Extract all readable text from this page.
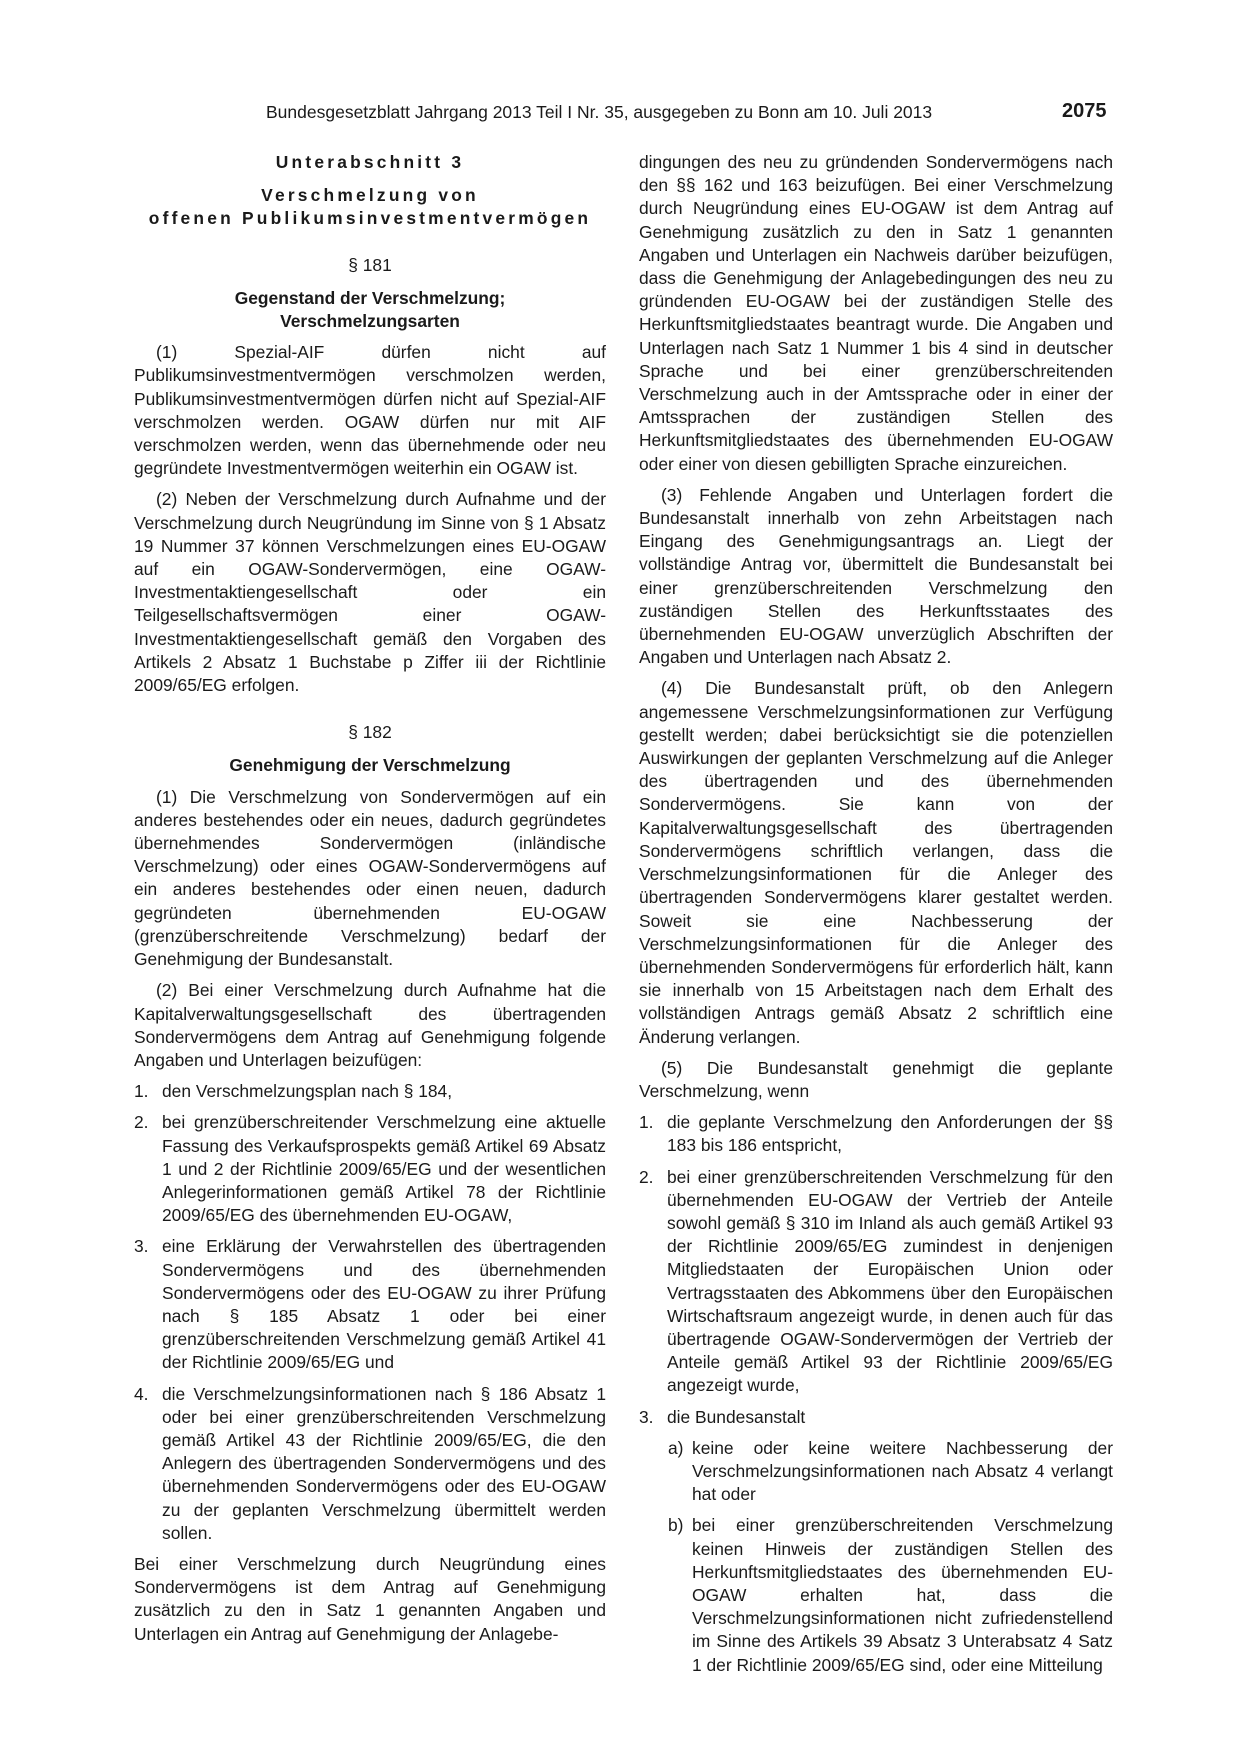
Bundesgesetzblatt Jahrgang 2013 Teil I Nr. 35, ausgegeben zu Bonn am 10. Juli 2013	2075

Unterabschnitt 3

Verschmelzung von

offenen Publikumsinvestmentvermögen

§ 181

Gegenstand der Verschmelzung;

Verschmelzungsarten

(1) Spezial-AIF dürfen nicht auf Publikumsinvestmentvermögen verschmolzen werden, Publikumsinvestmentvermögen dürfen nicht auf Spezial-AIF verschmolzen werden. OGAW dürfen nur mit AIF verschmolzen werden, wenn das übernehmende oder neu gegründete Investmentvermögen weiterhin ein OGAW ist.

(2) Neben der Verschmelzung durch Aufnahme und der Verschmelzung durch Neugründung im Sinne von § 1 Absatz 19 Nummer 37 können Verschmelzungen eines EU-OGAW auf ein OGAW-Sondervermögen, eine OGAW-Investmentaktiengesellschaft oder ein Teilgesellschaftsvermögen einer OGAW-Investmentaktiengesellschaft gemäß den Vorgaben des Artikels 2 Absatz 1 Buchstabe p Ziffer iii der Richtlinie 2009/65/EG erfolgen.

§ 182

Genehmigung der Verschmelzung

(1) Die Verschmelzung von Sondervermögen auf ein anderes bestehendes oder ein neues, dadurch gegründetes übernehmendes Sondervermögen (inländische Verschmelzung) oder eines OGAW-Sondervermögens auf ein anderes bestehendes oder einen neuen, dadurch gegründeten übernehmenden EU-OGAW (grenzüberschreitende Verschmelzung) bedarf der Genehmigung der Bundesanstalt.

(2) Bei einer Verschmelzung durch Aufnahme hat die Kapitalverwaltungsgesellschaft des übertragenden Sondervermögens dem Antrag auf Genehmigung folgende Angaben und Unterlagen beizufügen:

1. den Verschmelzungsplan nach § 184,
2. bei grenzüberschreitender Verschmelzung eine aktuelle Fassung des Verkaufsprospekts gemäß Artikel 69 Absatz 1 und 2 der Richtlinie 2009/65/EG und der wesentlichen Anlegerinformationen gemäß Artikel 78 der Richtlinie 2009/65/EG des übernehmenden EU-OGAW,
3. eine Erklärung der Verwahrstellen des übertragenden Sondervermögens und des übernehmenden Sondervermögens oder des EU-OGAW zu ihrer Prüfung nach § 185 Absatz 1 oder bei einer grenzüberschreitenden Verschmelzung gemäß Artikel 41 der Richtlinie 2009/65/EG und
4. die Verschmelzungsinformationen nach § 186 Absatz 1 oder bei einer grenzüberschreitenden Verschmelzung gemäß Artikel 43 der Richtlinie 2009/65/EG, die den Anlegern des übertragenden Sondervermögens und des übernehmenden Sondervermögens oder des EU-OGAW zu der geplanten Verschmelzung übermittelt werden sollen.

Bei einer Verschmelzung durch Neugründung eines Sondervermögens ist dem Antrag auf Genehmigung zusätzlich zu den in Satz 1 genannten Angaben und Unterlagen ein Antrag auf Genehmigung der Anlagebe-

dingungen des neu zu gründenden Sondervermögens nach den §§ 162 und 163 beizufügen. Bei einer Verschmelzung durch Neugründung eines EU-OGAW ist dem Antrag auf Genehmigung zusätzlich zu den in Satz 1 genannten Angaben und Unterlagen ein Nachweis darüber beizufügen, dass die Genehmigung der Anlagebedingungen des neu zu gründenden EU-OGAW bei der zuständigen Stelle des Herkunftsmitgliedstaates beantragt wurde. Die Angaben und Unterlagen nach Satz 1 Nummer 1 bis 4 sind in deutscher Sprache und bei einer grenzüberschreitenden Verschmelzung auch in der Amtssprache oder in einer der Amtssprachen der zuständigen Stellen des Herkunftsmitgliedstaates des übernehmenden EU-OGAW oder einer von diesen gebilligten Sprache einzureichen.

(3) Fehlende Angaben und Unterlagen fordert die Bundesanstalt innerhalb von zehn Arbeitstagen nach Eingang des Genehmigungsantrags an. Liegt der vollständige Antrag vor, übermittelt die Bundesanstalt bei einer grenzüberschreitenden Verschmelzung den zuständigen Stellen des Herkunftsstaates des übernehmenden EU-OGAW unverzüglich Abschriften der Angaben und Unterlagen nach Absatz 2.

(4) Die Bundesanstalt prüft, ob den Anlegern angemessene Verschmelzungsinformationen zur Verfügung gestellt werden; dabei berücksichtigt sie die potenziellen Auswirkungen der geplanten Verschmelzung auf die Anleger des übertragenden und des übernehmenden Sondervermögens. Sie kann von der Kapitalverwaltungsgesellschaft des übertragenden Sondervermögens schriftlich verlangen, dass die Verschmelzungsinformationen für die Anleger des übertragenden Sondervermögens klarer gestaltet werden. Soweit sie eine Nachbesserung der Verschmelzungsinformationen für die Anleger des übernehmenden Sondervermögens für erforderlich hält, kann sie innerhalb von 15 Arbeitstagen nach dem Erhalt des vollständigen Antrags gemäß Absatz 2 schriftlich eine Änderung verlangen.

(5) Die Bundesanstalt genehmigt die geplante Verschmelzung, wenn

1. die geplante Verschmelzung den Anforderungen der §§ 183 bis 186 entspricht,
2. bei einer grenzüberschreitenden Verschmelzung für den übernehmenden EU-OGAW der Vertrieb der Anteile sowohl gemäß § 310 im Inland als auch gemäß Artikel 93 der Richtlinie 2009/65/EG zumindest in denjenigen Mitgliedstaaten der Europäischen Union oder Vertragsstaaten des Abkommens über den Europäischen Wirtschaftsraum angezeigt wurde, in denen auch für das übertragende OGAW-Sondervermögen der Vertrieb der Anteile gemäß Artikel 93 der Richtlinie 2009/65/EG angezeigt wurde,
3. die Bundesanstalt
a) keine oder keine weitere Nachbesserung der Verschmelzungsinformationen nach Absatz 4 verlangt hat oder
b) bei einer grenzüberschreitenden Verschmelzung keinen Hinweis der zuständigen Stellen des Herkunftsmitgliedstaates des übernehmenden EU-OGAW erhalten hat, dass die Verschmelzungsinformationen nicht zufriedenstellend im Sinne des Artikels 39 Absatz 3 Unterabsatz 4 Satz 1 der Richtlinie 2009/65/EG sind, oder eine Mitteilung
